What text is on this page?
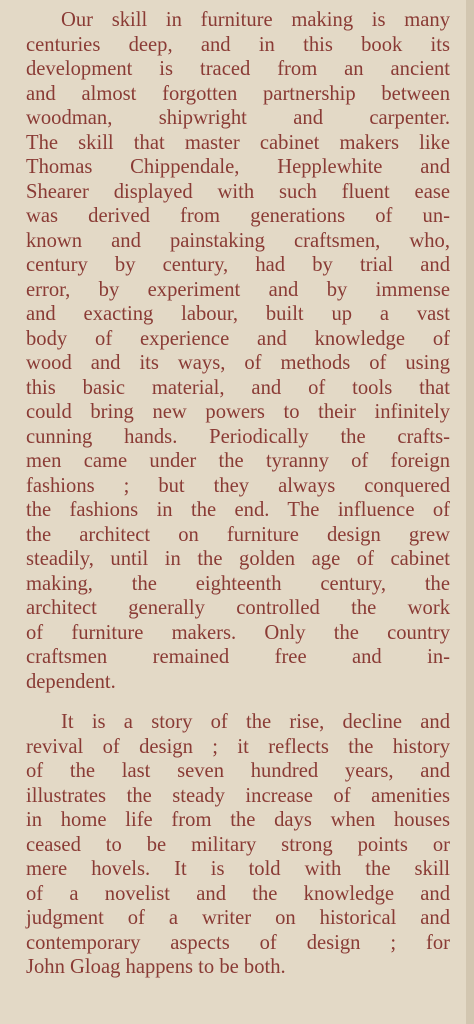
Our skill in furniture making is many
centuries deep, and in this book its
development is traced from an ancient
and almost forgotten partnership between
woodman, shipwright and carpenter.
The skill that master cabinet makers like
Thomas Chippendale, Hepplewhite and
Shearer displayed with such fluent ease
was derived from generations of un-
known and painstaking craftsmen, who,
century by century, had by trial and
error, by experiment and by immense
and exacting labour, built up a vast
body of experience and knowledge of
wood and its ways, of methods of using
this basic material, and of tools that
could bring new powers to their infinitely
cunning hands. Periodically the crafts-
men came under the tyranny of foreign
fashions ; but they always conquered
the fashions in the end. The influence of
the architect on furniture design grew
steadily, until in the golden age of cabinet
making, the eighteenth century, the
architect generally controlled the work
of furniture makers. Only the country
craftsmen remained free and in-
dependent.
It is a story of the rise, decline and
revival of design ; it reflects the history
of the last seven hundred years, and
illustrates the steady increase of amenities
in home life from the days when houses
ceased to be military strong points or
mere hovels. It is told with the skill
of a novelist and the knowledge and
judgment of a writer on historical and
contemporary aspects of design ; for
John Gloag happens to be both.
